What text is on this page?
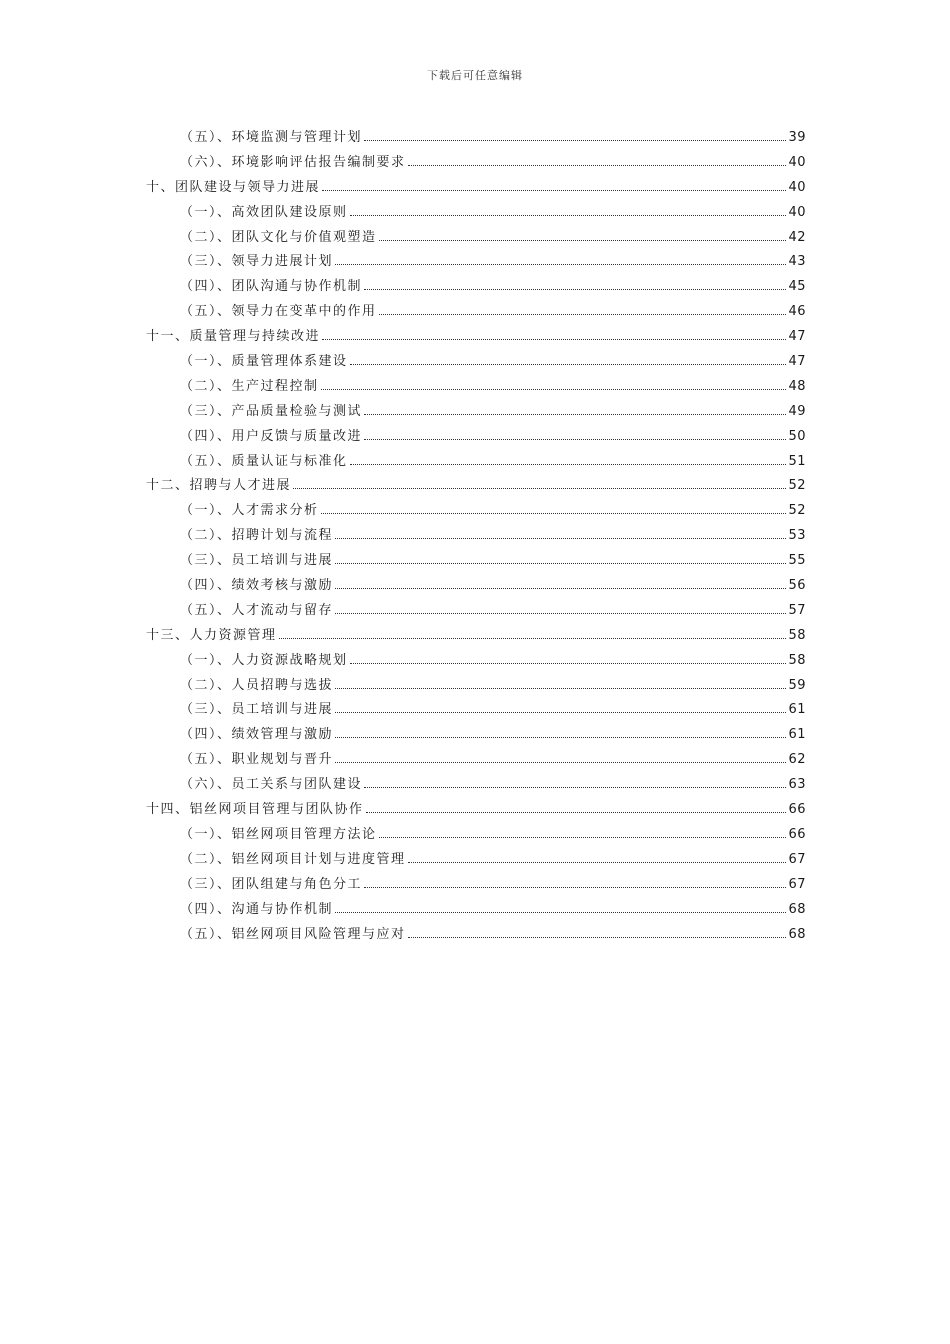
下载后可任意编辑
（五）、环境监测与管理计划	39
（六）、环境影响评估报告编制要求	40
十、团队建设与领导力进展	40
（一）、高效团队建设原则	40
（二）、团队文化与价值观塑造	42
（三）、领导力进展计划	43
（四）、团队沟通与协作机制	45
（五）、领导力在变革中的作用	46
十一、质量管理与持续改进	47
（一）、质量管理体系建设	47
（二）、生产过程控制	48
（三）、产品质量检验与测试	49
（四）、用户反馈与质量改进	50
（五）、质量认证与标准化	51
十二、招聘与人才进展	52
（一）、人才需求分析	52
（二）、招聘计划与流程	53
（三）、员工培训与进展	55
（四）、绩效考核与激励	56
（五）、人才流动与留存	57
十三、人力资源管理	58
（一）、人力资源战略规划	58
（二）、人员招聘与选拔	59
（三）、员工培训与进展	61
（四）、绩效管理与激励	61
（五）、职业规划与晋升	62
（六）、员工关系与团队建设	63
十四、铝丝网项目管理与团队协作	66
（一）、铝丝网项目管理方法论	66
（二）、铝丝网项目计划与进度管理	67
（三）、团队组建与角色分工	67
（四）、沟通与协作机制	68
（五）、铝丝网项目风险管理与应对	68
